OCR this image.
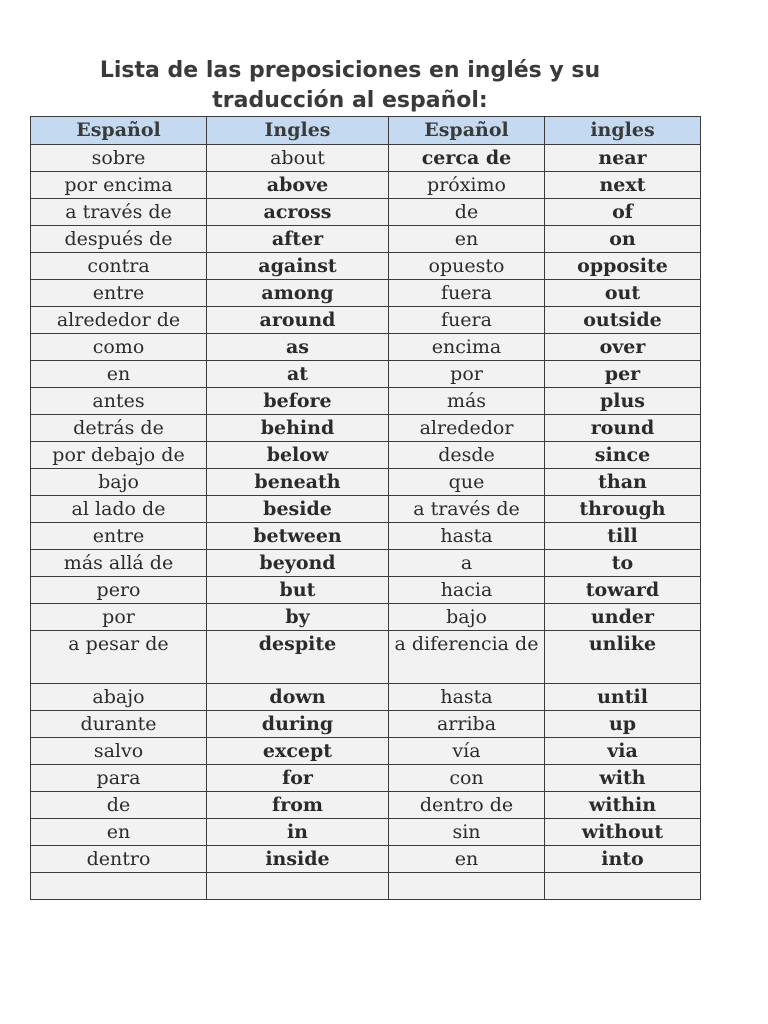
Lista de las preposiciones en inglés y su traducción al español:
Español	Ingles	Español	ingles
sobre	about	cerca de	near
por encima	above	próximo	next
a través de	across	de	of
después de	after	en	on
contra	against	opuesto	opposite
entre	among	fuera	out
alrededor de	around	fuera	outside
como	as	encima	over
en	at	por	per
antes	before	más	plus
detrás de	behind	alrededor	round
por debajo de	below	desde	since
bajo	beneath	que	than
al lado de	beside	a través de	through
entre	between	hasta	till
más allá de	beyond	a	to
pero	but	hacia	toward
por	by	bajo	under
a pesar de	despite	a diferencia de	unlike
abajo	down	hasta	until
durante	during	arriba	up
salvo	except	vía	via
para	for	con	with
de	from	dentro de	within
en	in	sin	without
dentro	inside	en	into
